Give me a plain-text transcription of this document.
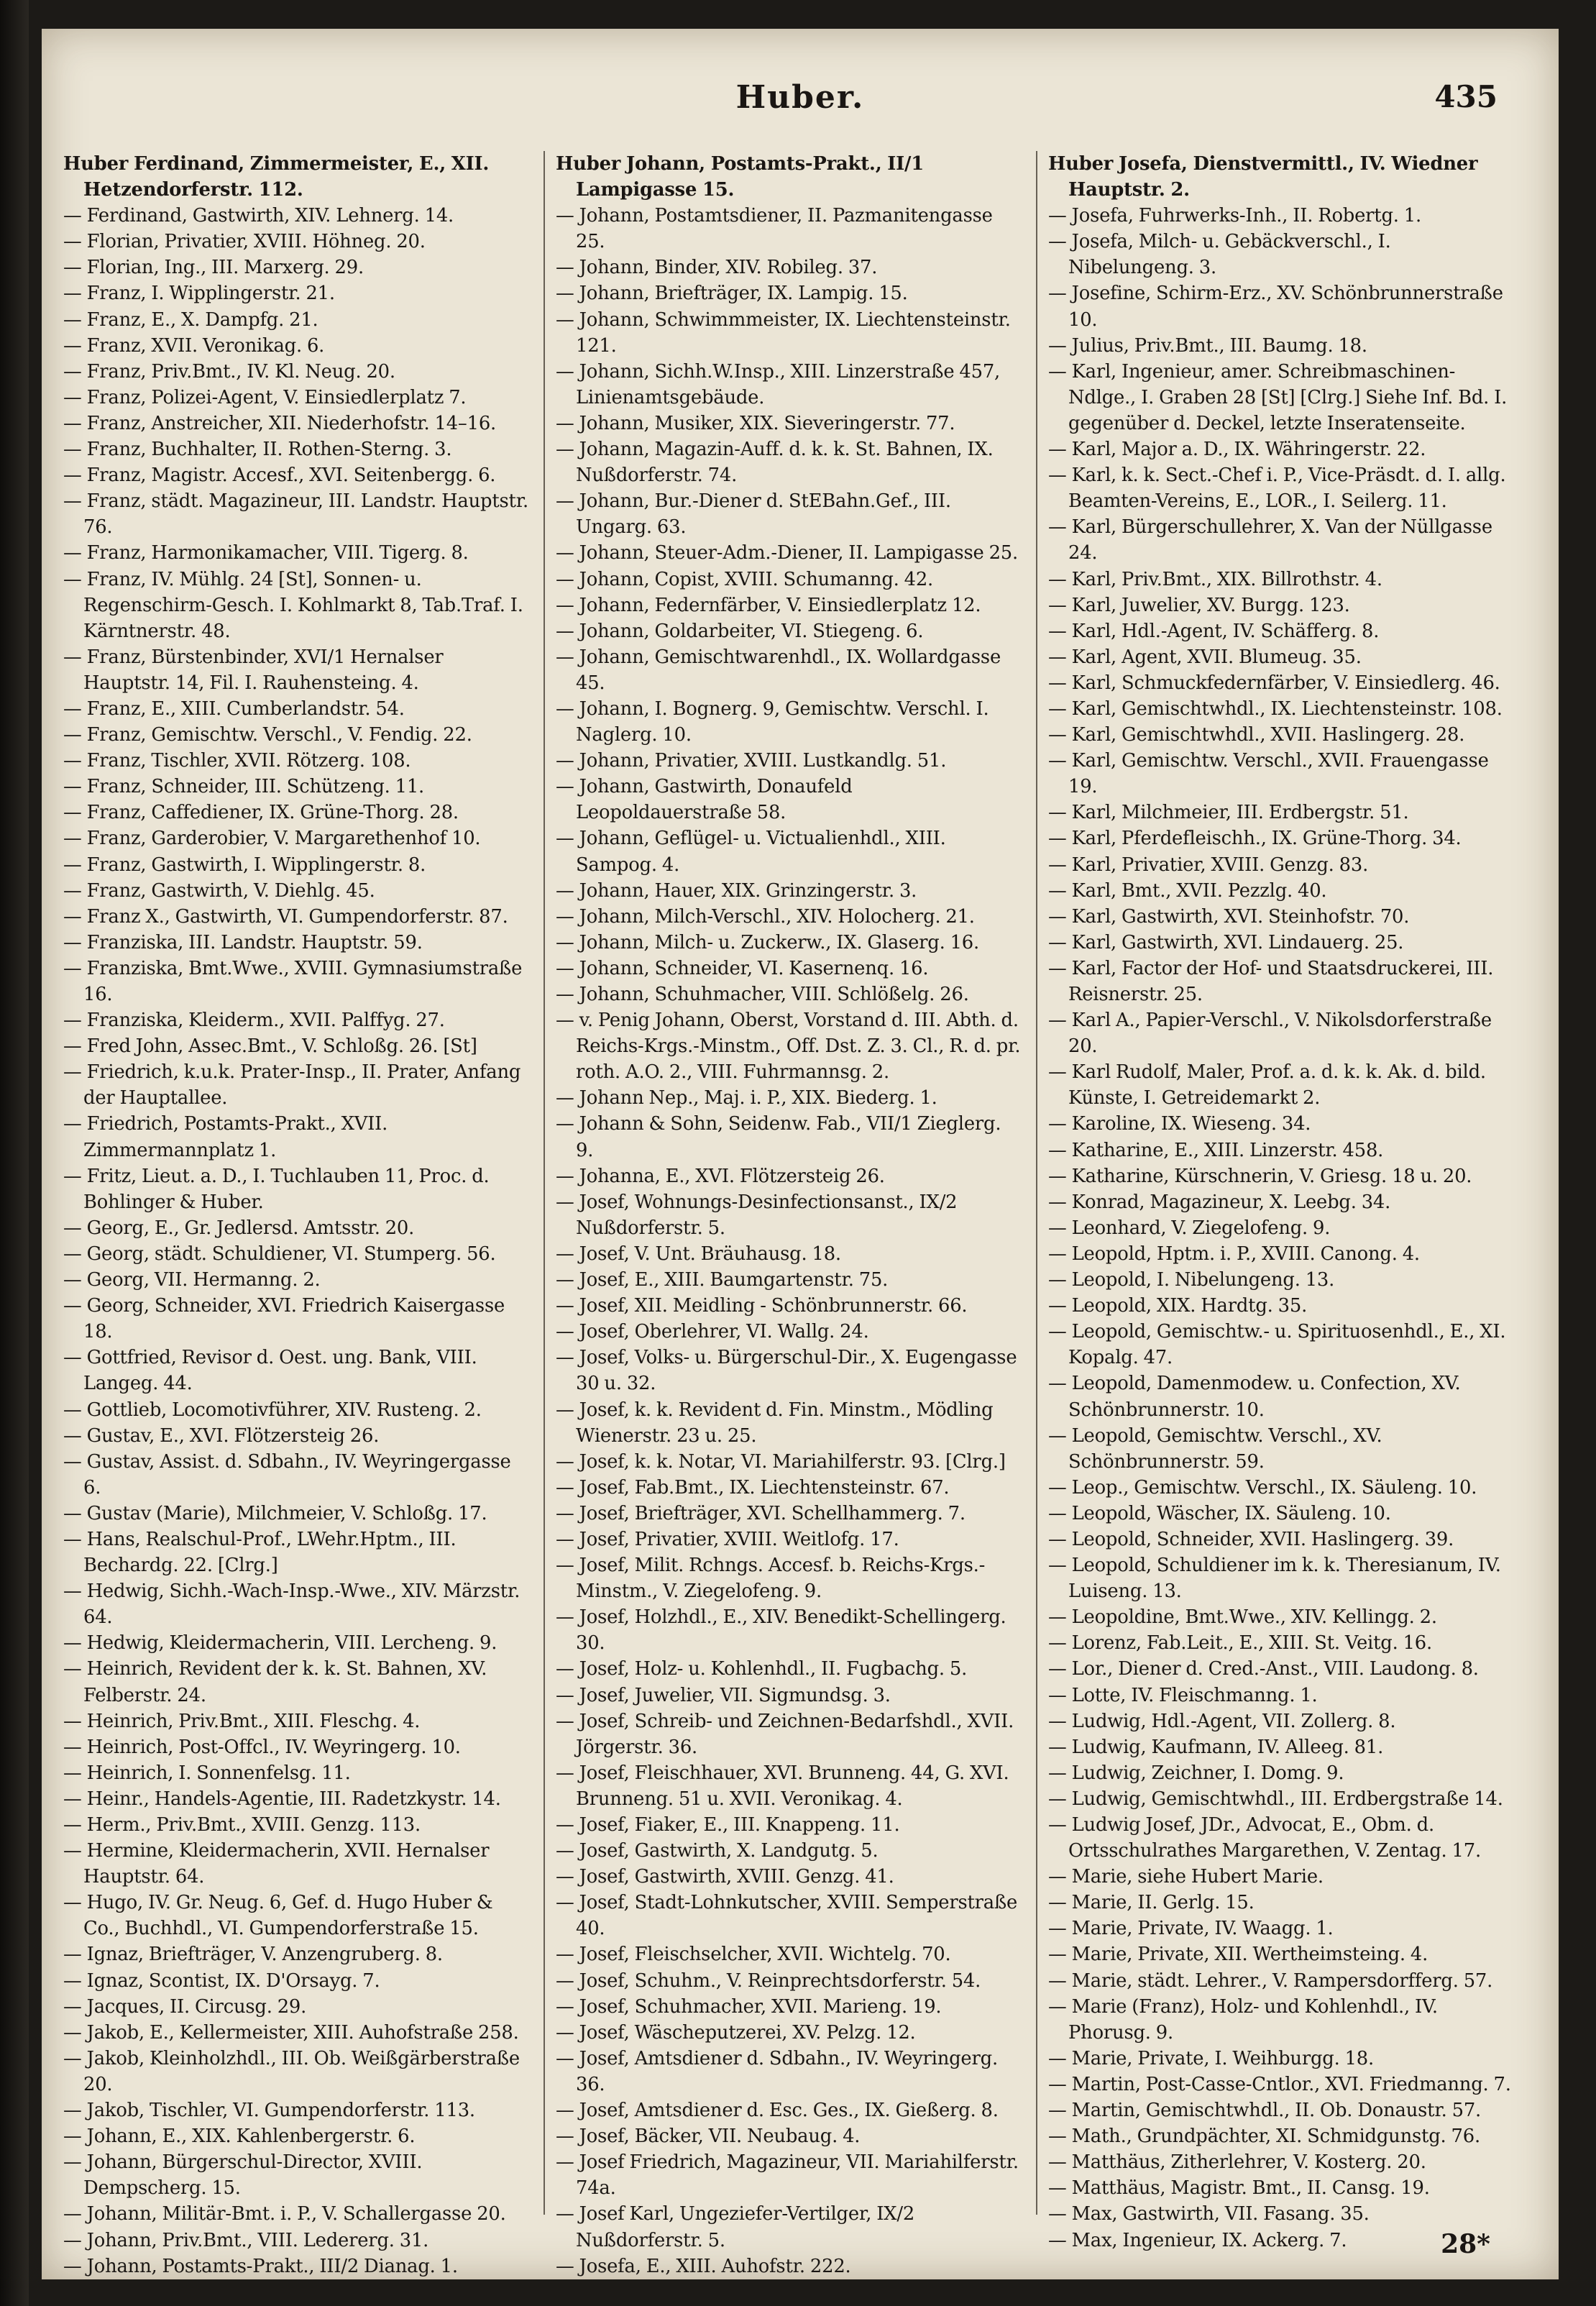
Huber.	435

Huber Ferdinand, Zimmermeister, E., XII. Hetzendorferstr. 112.

— Ferdinand, Gastwirth, XIV. Lehnerg. 14.

— Florian, Privatier, XVIII. Höhneg. 20.

— Florian, Ing., III. Marxerg. 29.

— Franz, I. Wipplingerstr. 21.

— Franz, E., X. Dampfg. 21.

— Franz, XVII. Veronikag. 6.

— Franz, Priv.Bmt., IV. Kl. Neug. 20.

— Franz, Polizei-Agent, V. Einsiedlerplatz 7.

— Franz, Anstreicher, XII. Niederhofstr. 14–16.

— Franz, Buchhalter, II. Rothen-Sterng. 3.

— Franz, Magistr. Accesf., XVI. Seitenbergg. 6.

— Franz, städt. Magazineur, III. Landstr. Hauptstr. 76.

— Franz, Harmonikamacher, VIII. Tigerg. 8.

— Franz, IV. Mühlg. 24 [St], Sonnen- u. Regenschirm-Gesch. I. Kohlmarkt 8, Tab.Traf. I. Kärntnerstr. 48.

— Franz, Bürstenbinder, XVI/1 Hernalser Hauptstr. 14, Fil. I. Rauhensteing. 4.

— Franz, E., XIII. Cumberlandstr. 54.

— Franz, Gemischtw. Verschl., V. Fendig. 22.

— Franz, Tischler, XVII. Rötzerg. 108.

— Franz, Schneider, III. Schützeng. 11.

— Franz, Caffediener, IX. Grüne-Thorg. 28.

— Franz, Garderobier, V. Margarethenhof 10.

— Franz, Gastwirth, I. Wipplingerstr. 8.

— Franz, Gastwirth, V. Diehlg. 45.

— Franz X., Gastwirth, VI. Gumpendorferstr. 87.

— Franziska, III. Landstr. Hauptstr. 59.

— Franziska, Bmt.Wwe., XVIII. Gymnasiumstraße 16.

— Franziska, Kleiderm., XVII. Palffyg. 27.

— Fred John, Assec.Bmt., V. Schloßg. 26. [St]

— Friedrich, k.u.k. Prater-Insp., II. Prater, Anfang der Hauptallee.

— Friedrich, Postamts-Prakt., XVII. Zimmermannplatz 1.

— Fritz, Lieut. a. D., I. Tuchlauben 11, Proc. d. Bohlinger & Huber.

— Georg, E., Gr. Jedlersd. Amtsstr. 20.

— Georg, städt. Schuldiener, VI. Stumperg. 56.

— Georg, VII. Hermanng. 2.

— Georg, Schneider, XVI. Friedrich Kaisergasse 18.

— Gottfried, Revisor d. Oest. ung. Bank, VIII. Langeg. 44.

— Gottlieb, Locomotivführer, XIV. Rusteng. 2.

— Gustav, E., XVI. Flötzersteig 26.

— Gustav, Assist. d. Sdbahn., IV. Weyringergasse 6.

— Gustav (Marie), Milchmeier, V. Schloßg. 17.

— Hans, Realschul-Prof., LWehr.Hptm., III. Bechardg. 22. [Clrg.]

— Hedwig, Sichh.-Wach-Insp.-Wwe., XIV. Märzstr. 64.

— Hedwig, Kleidermacherin, VIII. Lercheng. 9.

— Heinrich, Revident der k. k. St. Bahnen, XV. Felberstr. 24.

— Heinrich, Priv.Bmt., XIII. Fleschg. 4.

— Heinrich, Post-Offcl., IV. Weyringerg. 10.

— Heinrich, I. Sonnenfelsg. 11.

— Heinr., Handels-Agentie, III. Radetzkystr. 14.

— Herm., Priv.Bmt., XVIII. Genzg. 113.

— Hermine, Kleidermacherin, XVII. Hernalser Hauptstr. 64.

— Hugo, IV. Gr. Neug. 6, Gef. d. Hugo Huber & Co., Buchhdl., VI. Gumpendorferstraße 15.

— Ignaz, Briefträger, V. Anzengruberg. 8.

— Ignaz, Scontist, IX. D'Orsayg. 7.

— Jacques, II. Circusg. 29.

— Jakob, E., Kellermeister, XIII. Auhofstraße 258.

— Jakob, Kleinholzhdl., III. Ob. Weißgärberstraße 20.

— Jakob, Tischler, VI. Gumpendorferstr. 113.

— Johann, E., XIX. Kahlenbergerstr. 6.

— Johann, Bürgerschul-Director, XVIII. Dempscherg. 15.

— Johann, Militär-Bmt. i. P., V. Schallergasse 20.

— Johann, Priv.Bmt., VIII. Ledererg. 31.

— Johann, Postamts-Prakt., III/2 Dianag. 1.

Huber Johann, Postamts-Prakt., II/1 Lampigasse 15.

— Johann, Postamtsdiener, II. Pazmanitengasse 25.

— Johann, Binder, XIV. Robileg. 37.

— Johann, Briefträger, IX. Lampig. 15.

— Johann, Schwimmmeister, IX. Liechtensteinstr. 121.

— Johann, Sichh.W.Insp., XIII. Linzerstraße 457, Linienamtsgebäude.

— Johann, Musiker, XIX. Sieveringerstr. 77.

— Johann, Magazin-Auff. d. k. k. St. Bahnen, IX. Nußdorferstr. 74.

— Johann, Bur.-Diener d. StEBahn.Gef., III. Ungarg. 63.

— Johann, Steuer-Adm.-Diener, II. Lampigasse 25.

— Johann, Copist, XVIII. Schumanng. 42.

— Johann, Federnfärber, V. Einsiedlerplatz 12.

— Johann, Goldarbeiter, VI. Stiegeng. 6.

— Johann, Gemischtwarenhdl., IX. Wollardgasse 45.

— Johann, I. Bognerg. 9, Gemischtw. Verschl. I. Naglerg. 10.

— Johann, Privatier, XVIII. Lustkandlg. 51.

— Johann, Gastwirth, Donaufeld Leopoldauerstraße 58.

— Johann, Geflügel- u. Victualienhdl., XIII. Sampog. 4.

— Johann, Hauer, XIX. Grinzingerstr. 3.

— Johann, Milch-Verschl., XIV. Holocherg. 21.

— Johann, Milch- u. Zuckerw., IX. Glaserg. 16.

— Johann, Schneider, VI. Kasernenq. 16.

— Johann, Schuhmacher, VIII. Schlößelg. 26.

— v. Penig Johann, Oberst, Vorstand d. III. Abth. d. Reichs-Krgs.-Minstm., Off. Dst. Z. 3. Cl., R. d. pr. roth. A.O. 2., VIII. Fuhrmannsg. 2.

— Johann Nep., Maj. i. P., XIX. Biederg. 1.

— Johann & Sohn, Seidenw. Fab., VII/1 Zieglerg. 9.

— Johanna, E., XVI. Flötzersteig 26.

— Josef, Wohnungs-Desinfectionsanst., IX/2 Nußdorferstr. 5.

— Josef, V. Unt. Bräuhausg. 18.

— Josef, E., XIII. Baumgartenstr. 75.

— Josef, XII. Meidling - Schönbrunnerstr. 66.

— Josef, Oberlehrer, VI. Wallg. 24.

— Josef, Volks- u. Bürgerschul-Dir., X. Eugengasse 30 u. 32.

— Josef, k. k. Revident d. Fin. Minstm., Mödling Wienerstr. 23 u. 25.

— Josef, k. k. Notar, VI. Mariahilferstr. 93. [Clrg.]

— Josef, Fab.Bmt., IX. Liechtensteinstr. 67.

— Josef, Briefträger, XVI. Schellhammerg. 7.

— Josef, Privatier, XVIII. Weitlofg. 17.

— Josef, Milit. Rchngs. Accesf. b. Reichs-Krgs.-Minstm., V. Ziegelofeng. 9.

— Josef, Holzhdl., E., XIV. Benedikt-Schellingerg. 30.

— Josef, Holz- u. Kohlenhdl., II. Fugbachg. 5.

— Josef, Juwelier, VII. Sigmundsg. 3.

— Josef, Schreib- und Zeichnen-Bedarfshdl., XVII. Jörgerstr. 36.

— Josef, Fleischhauer, XVI. Brunneng. 44, G. XVI. Brunneng. 51 u. XVII. Veronikag. 4.

— Josef, Fiaker, E., III. Knappeng. 11.

— Josef, Gastwirth, X. Landgutg. 5.

— Josef, Gastwirth, XVIII. Genzg. 41.

— Josef, Stadt-Lohnkutscher, XVIII. Semperstraße 40.

— Josef, Fleischselcher, XVII. Wichtelg. 70.

— Josef, Schuhm., V. Reinprechtsdorferstr. 54.

— Josef, Schuhmacher, XVII. Marieng. 19.

— Josef, Wäscheputzerei, XV. Pelzg. 12.

— Josef, Amtsdiener d. Sdbahn., IV. Weyringerg. 36.

— Josef, Amtsdiener d. Esc. Ges., IX. Gießerg. 8.

— Josef, Bäcker, VII. Neubaug. 4.

— Josef Friedrich, Magazineur, VII. Mariahilferstr. 74a.

— Josef Karl, Ungeziefer-Vertilger, IX/2 Nußdorferstr. 5.

— Josefa, E., XIII. Auhofstr. 222.

Huber Josefa, Dienstvermittl., IV. Wiedner Hauptstr. 2.

— Josefa, Fuhrwerks-Inh., II. Robertg. 1.

— Josefa, Milch- u. Gebäckverschl., I. Nibelungeng. 3.

— Josefine, Schirm-Erz., XV. Schönbrunnerstraße 10.

— Julius, Priv.Bmt., III. Baumg. 18.

— Karl, Ingenieur, amer. Schreibmaschinen-Ndlge., I. Graben 28 [St] [Clrg.] Siehe Inf. Bd. I. gegenüber d. Deckel, letzte Inseratenseite.

— Karl, Major a. D., IX. Währingerstr. 22.

— Karl, k. k. Sect.-Chef i. P., Vice-Präsdt. d. I. allg. Beamten-Vereins, E., LOR., I. Seilerg. 11.

— Karl, Bürgerschullehrer, X. Van der Nüllgasse 24.

— Karl, Priv.Bmt., XIX. Billrothstr. 4.

— Karl, Juwelier, XV. Burgg. 123.

— Karl, Hdl.-Agent, IV. Schäfferg. 8.

— Karl, Agent, XVII. Blumeug. 35.

— Karl, Schmuckfedernfärber, V. Einsiedlerg. 46.

— Karl, Gemischtwhdl., IX. Liechtensteinstr. 108.

— Karl, Gemischtwhdl., XVII. Haslingerg. 28.

— Karl, Gemischtw. Verschl., XVII. Frauengasse 19.

— Karl, Milchmeier, III. Erdbergstr. 51.

— Karl, Pferdefleischh., IX. Grüne-Thorg. 34.

— Karl, Privatier, XVIII. Genzg. 83.

— Karl, Bmt., XVII. Pezzlg. 40.

— Karl, Gastwirth, XVI. Steinhofstr. 70.

— Karl, Gastwirth, XVI. Lindauerg. 25.

— Karl, Factor der Hof- und Staatsdruckerei, III. Reisnerstr. 25.

— Karl A., Papier-Verschl., V. Nikolsdorferstraße 20.

— Karl Rudolf, Maler, Prof. a. d. k. k. Ak. d. bild. Künste, I. Getreidemarkt 2.

— Karoline, IX. Wieseng. 34.

— Katharine, E., XIII. Linzerstr. 458.

— Katharine, Kürschnerin, V. Griesg. 18 u. 20.

— Konrad, Magazineur, X. Leebg. 34.

— Leonhard, V. Ziegelofeng. 9.

— Leopold, Hptm. i. P., XVIII. Canong. 4.

— Leopold, I. Nibelungeng. 13.

— Leopold, XIX. Hardtg. 35.

— Leopold, Gemischtw.- u. Spirituosenhdl., E., XI. Kopalg. 47.

— Leopold, Damenmodew. u. Confection, XV. Schönbrunnerstr. 10.

— Leopold, Gemischtw. Verschl., XV. Schönbrunnerstr. 59.

— Leop., Gemischtw. Verschl., IX. Säuleng. 10.

— Leopold, Wäscher, IX. Säuleng. 10.

— Leopold, Schneider, XVII. Haslingerg. 39.

— Leopold, Schuldiener im k. k. Theresianum, IV. Luiseng. 13.

— Leopoldine, Bmt.Wwe., XIV. Kellingg. 2.

— Lorenz, Fab.Leit., E., XIII. St. Veitg. 16.

— Lor., Diener d. Cred.-Anst., VIII. Laudong. 8.

— Lotte, IV. Fleischmanng. 1.

— Ludwig, Hdl.-Agent, VII. Zollerg. 8.

— Ludwig, Kaufmann, IV. Alleeg. 81.

— Ludwig, Zeichner, I. Domg. 9.

— Ludwig, Gemischtwhdl., III. Erdbergstraße 14.

— Ludwig Josef, JDr., Advocat, E., Obm. d. Ortsschulrathes Margarethen, V. Zentag. 17.

— Marie, siehe Hubert Marie.

— Marie, II. Gerlg. 15.

— Marie, Private, IV. Waagg. 1.

— Marie, Private, XII. Wertheimsteing. 4.

— Marie, städt. Lehrer., V. Rampersdorfferg. 57.

— Marie (Franz), Holz- und Kohlenhdl., IV. Phorusg. 9.

— Marie, Private, I. Weihburgg. 18.

— Martin, Post-Casse-Cntlor., XVI. Friedmanng. 7.

— Martin, Gemischtwhdl., II. Ob. Donaustr. 57.

— Math., Grundpächter, XI. Schmidgunstg. 76.

— Matthäus, Zitherlehrer, V. Kosterg. 20.

— Matthäus, Magistr. Bmt., II. Cansg. 19.

— Max, Gastwirth, VII. Fasang. 35.

— Max, Ingenieur, IX. Ackerg. 7.	28*
